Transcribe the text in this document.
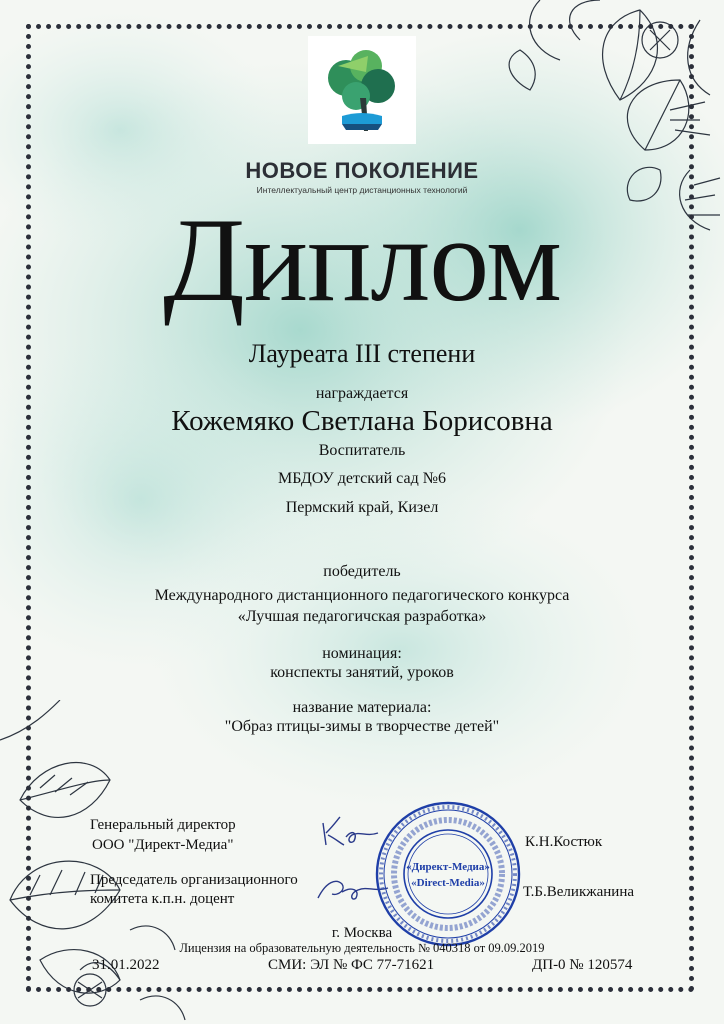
НОВОЕ ПОКОЛЕНИЕ
Интеллектуальный центр дистанционных технологий
Диплом
Лауреата III степени
награждается
Кожемяко Светлана Борисовна
Воспитатель
МБДОУ детский сад №6
Пермский край, Кизел
победитель
Международного дистанционного педагогического конкурса
«Лучшая педагогичская разработка»
номинация:
конспекты занятий, уроков
название материала:
"Образ птицы-зимы в творчестве детей"
Генеральный директор
ООО "Директ-Медиа"
Председатель организационного
комитета к.п.н. доцент
К.Н.Костюк
Т.Б.Великжанина
«Директ-Медиа»
«Direct-Media»
г. Москва
Лицензия на образовательную деятельность № 040318 от 09.09.2019
31.01.2022	СМИ: ЭЛ № ФС 77-71621	ДП-0 № 120574
